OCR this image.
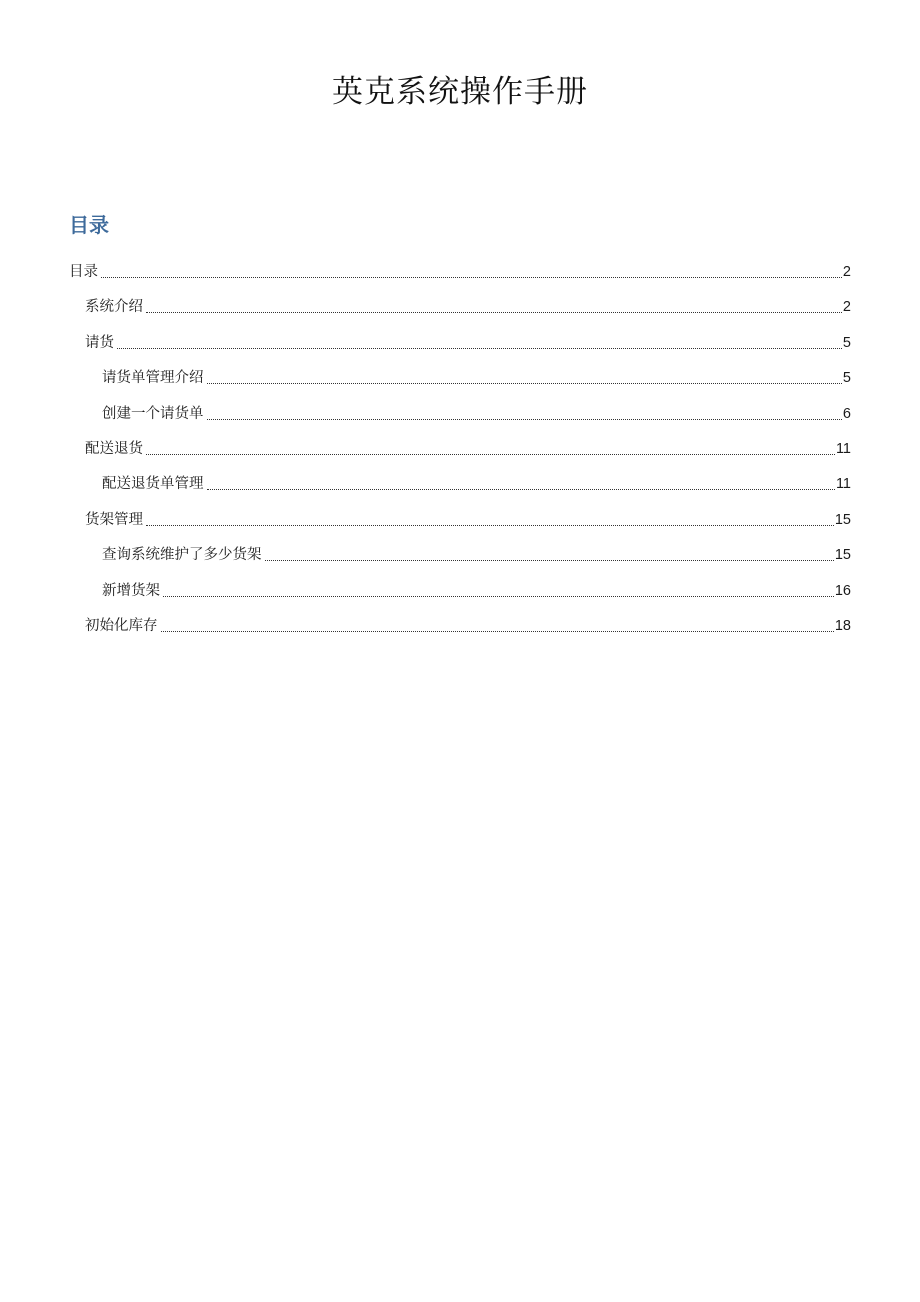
英克系统操作手册
目录
目录	2
系统介绍	2
请货	5
请货单管理介绍	5
创建一个请货单	6
配送退货	11
配送退货单管理	11
货架管理	15
查询系统维护了多少货架	15
新增货架	16
初始化库存	18
